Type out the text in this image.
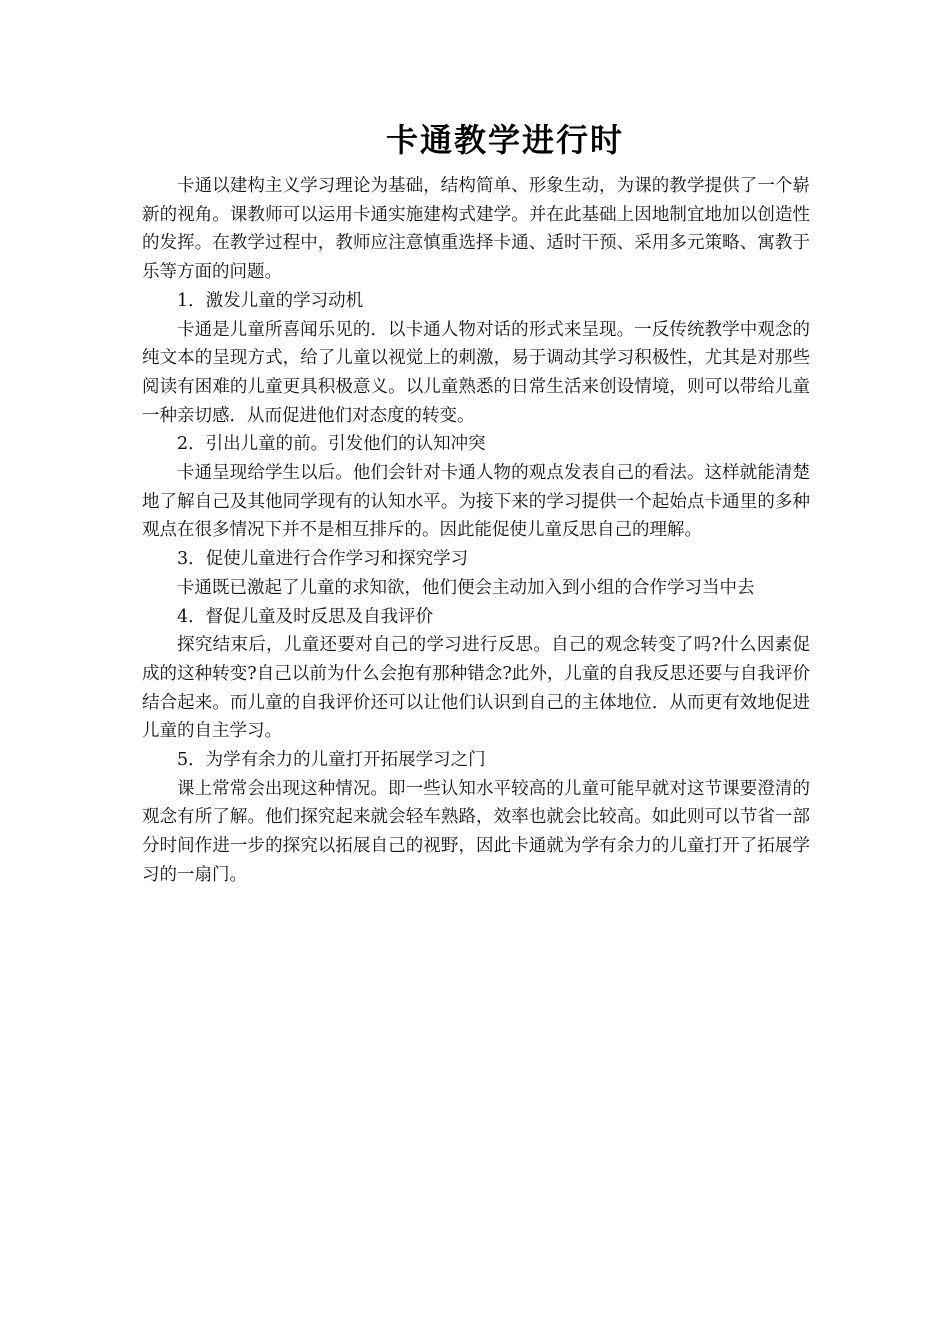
卡通教学进行时

卡通以建构主义学习理论为基础，结构简单、形象生动，为课的教学提供了一个崭新的视角。课教师可以运用卡通实施建构式建学。并在此基础上因地制宜地加以创造性的发挥。在教学过程中，教师应注意慎重选择卡通、适时干预、采用多元策略、寓教于乐等方面的问题。

1．激发儿童的学习动机

卡通是儿童所喜闻乐见的．以卡通人物对话的形式来呈现。一反传统教学中观念的纯文本的呈现方式，给了儿童以视觉上的刺激，易于调动其学习积极性，尤其是对那些阅读有困难的儿童更具积极意义。以儿童熟悉的日常生活来创设情境，则可以带给儿童一种亲切感．从而促进他们对态度的转变。

2．引出儿童的前。引发他们的认知冲突

卡通呈现给学生以后。他们会针对卡通人物的观点发表自己的看法。这样就能清楚地了解自己及其他同学现有的认知水平。为接下来的学习提供一个起始点卡通里的多种观点在很多情况下并不是相互排斥的。因此能促使儿童反思自己的理解。

3．促使儿童进行合作学习和探究学习

卡通既已激起了儿童的求知欲，他们便会主动加入到小组的合作学习当中去

4．督促儿童及时反思及自我评价

探究结束后，儿童还要对自己的学习进行反思。自己的观念转变了吗?什么因素促成的这种转变?自己以前为什么会抱有那种错念?此外，儿童的自我反思还要与自我评价结合起来。而儿童的自我评价还可以让他们认识到自己的主体地位．从而更有效地促进儿童的自主学习。

5．为学有余力的儿童打开拓展学习之门

课上常常会出现这种情况。即一些认知水平较高的儿童可能早就对这节课要澄清的观念有所了解。他们探究起来就会轻车熟路，效率也就会比较高。如此则可以节省一部分时间作进一步的探究以拓展自己的视野，因此卡通就为学有余力的儿童打开了拓展学习的一扇门。
